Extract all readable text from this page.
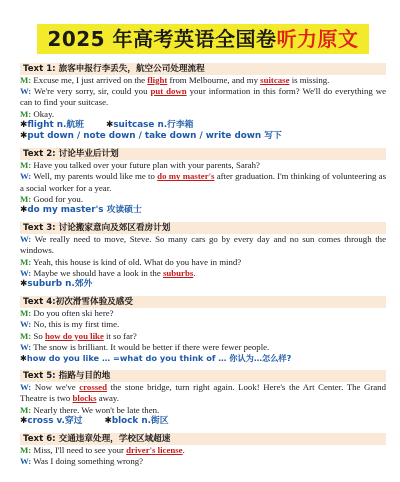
2025 年高考英语全国卷听力原文
Text 1: 旅客申报行李丢失，航空公司处理流程

M: Excuse me, I just arrived on the flight from Melbourne, and my suitcase is missing.

W: We're very sorry, sir, could you put down your information in this form? We'll do everything we can to find your suitcase.

M: Okay.

✱flight n.航班	✱suitcase n.行李箱

✱put down / note down / take down / write down 写下

Text 2: 讨论毕业后计划

M: Have you talked over your future plan with your parents, Sarah?

W: Well, my parents would like me to do my master's after graduation. I'm thinking of volunteering as a social worker for a year.

M: Good for you.

✱do my master's 攻读硕士

Text 3: 讨论搬家意向及郊区看房计划

W: We really need to move, Steve. So many cars go by every day and no sun comes through the windows.

M: Yeah, this house is kind of old. What do you have in mind?

W: Maybe we should have a look in the suburbs.

✱suburb n.郊外

Text 4:初次滑雪体验及感受

M: Do you often ski here?

W: No, this is my first time.

M: So how do you like it so far?

W: The snow is brilliant. It would be better if there were fewer people.

✱how do you like … =what do you think of … 你认为…怎么样?

Text 5: 指路与目的地

W: Now we've crossed the stone bridge, turn right again. Look! Here's the Art Center. The Grand Theatre is two blocks away.

M: Nearly there. We won't be late then.

✱cross v.穿过	✱block n.街区

Text 6: 交通违章处理，学校区域超速

M: Miss, I'll need to see your driver's license.

W: Was I doing something wrong?
